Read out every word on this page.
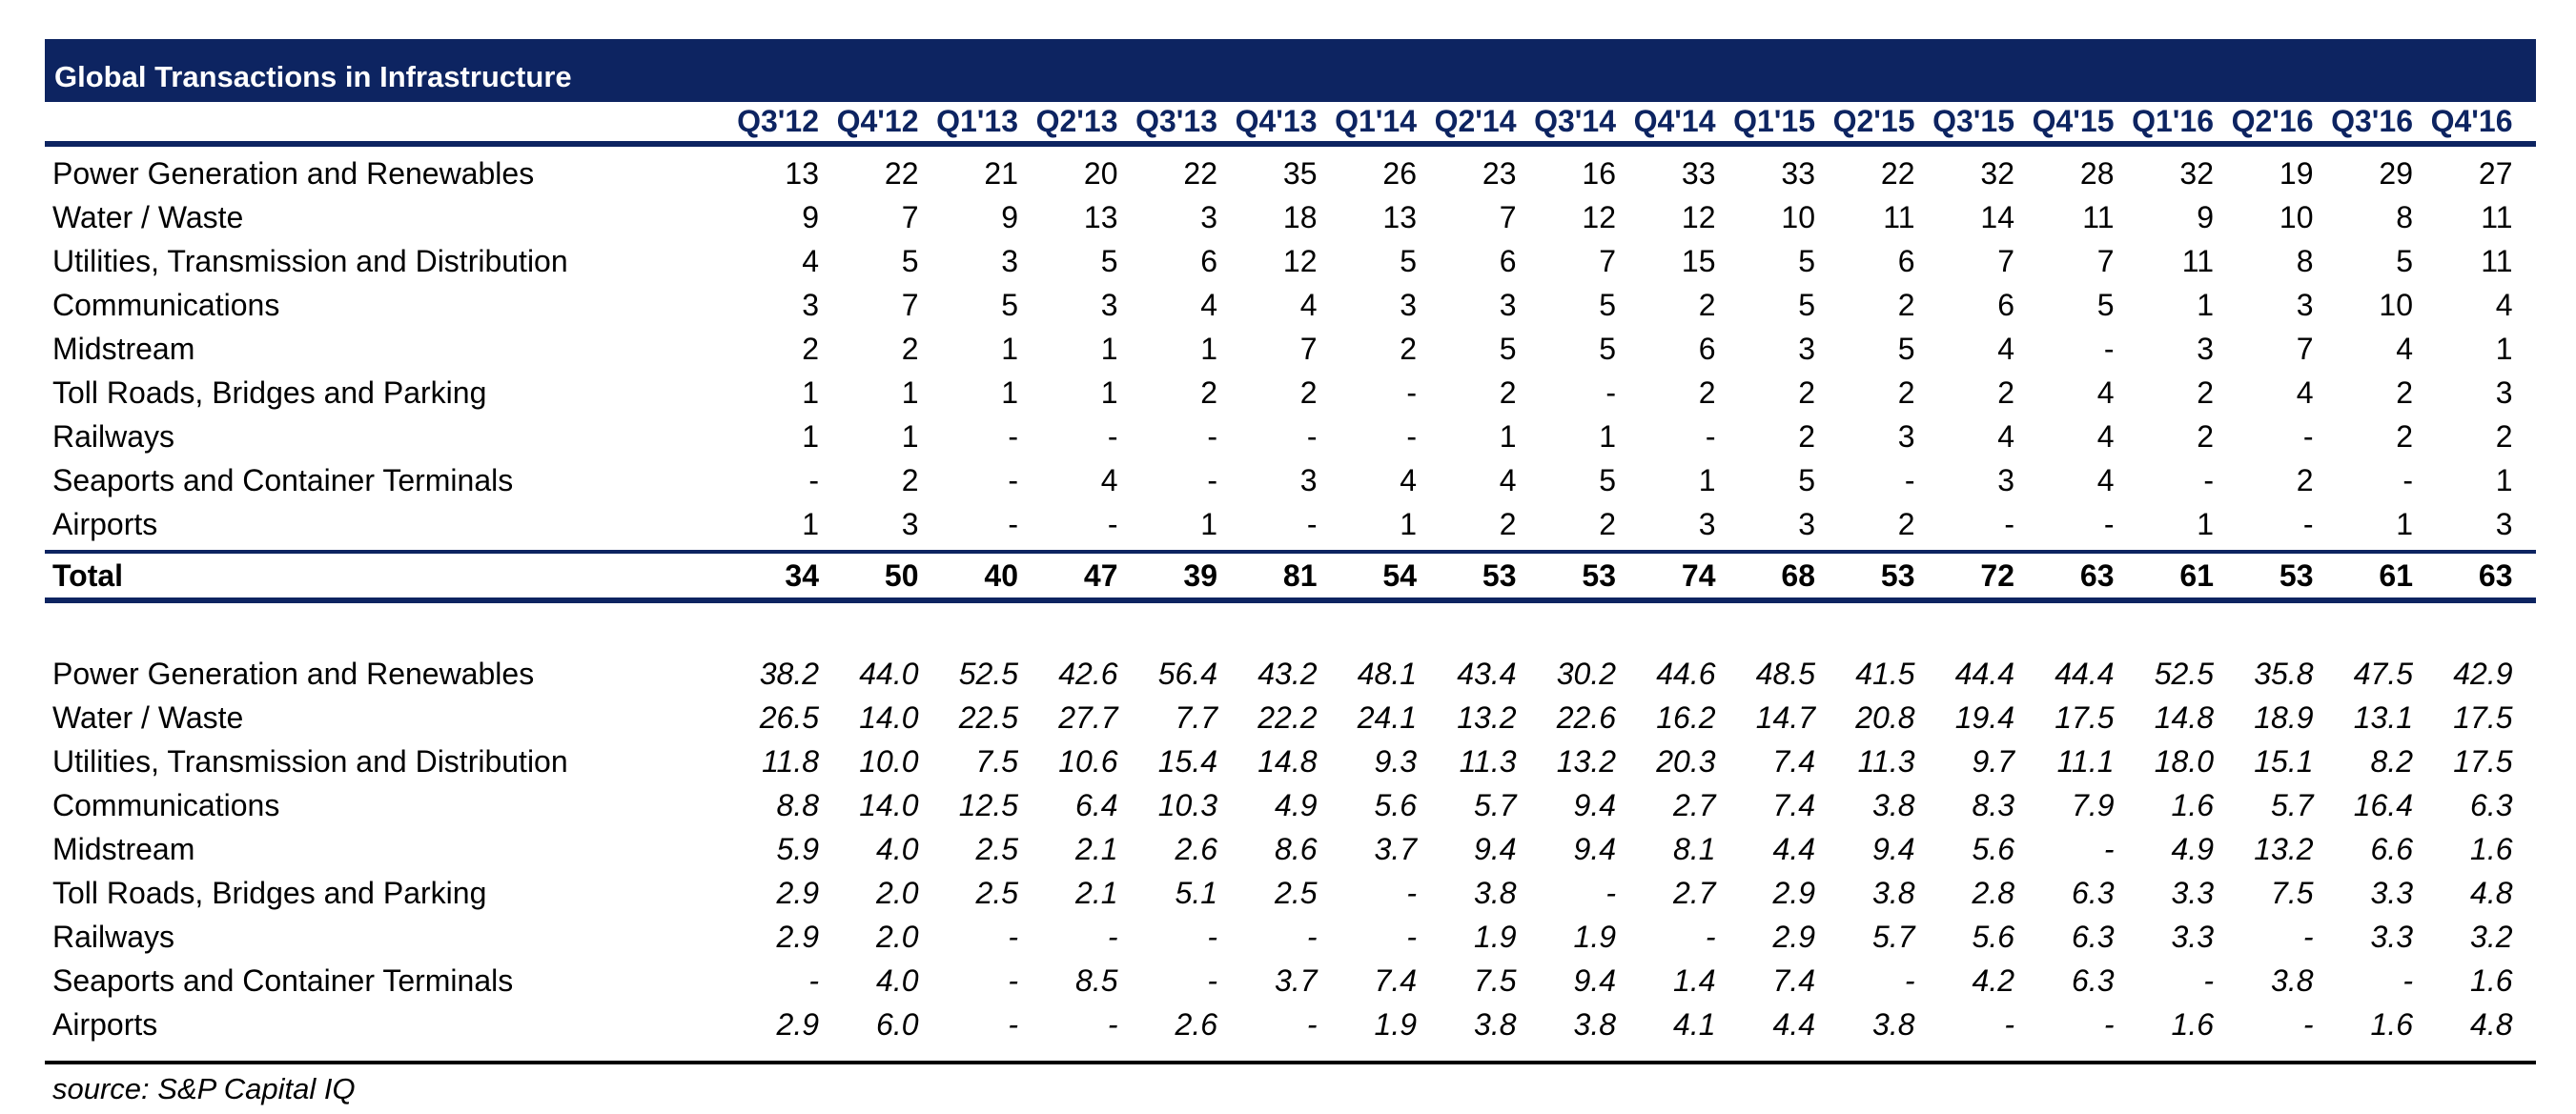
Global Transactions in Infrastructure
Q3'12 Q4'12 Q1'13 Q2'13 Q3'13 Q4'13 Q1'14 Q2'14 Q3'14 Q4'14 Q1'15 Q2'15 Q3'15 Q4'15 Q1'16 Q2'16 Q3'16 Q4'16
Power Generation and Renewables	13	22	21	20	22	35	26	23	16	33	33	22	32	28	32	19	29	27
Water / Waste	9	7	9	13	3	18	13	7	12	12	10	11	14	11	9	10	8	11
Utilities, Transmission and Distribution	4	5	3	5	6	12	5	6	7	15	5	6	7	7	11	8	5	11
Communications	3	7	5	3	4	4	3	3	5	2	5	2	6	5	1	3	10	4
Midstream	2	2	1	1	1	7	2	5	5	6	3	5	4	-	3	7	4	1
Toll Roads, Bridges and Parking	1	1	1	1	2	2	-	2	-	2	2	2	2	4	2	4	2	3
Railways	1	1	-	-	-	-	-	1	1	-	2	3	4	4	2	-	2	2
Seaports and Container Terminals	-	2	-	4	-	3	4	4	5	1	5	-	3	4	-	2	-	1
Airports	1	3	-	-	1	-	1	2	2	3	3	2	-	-	1	-	1	3
Total	34	50	40	47	39	81	54	53	53	74	68	53	72	63	61	53	61	63
Power Generation and Renewables	38.2	44.0	52.5	42.6	56.4	43.2	48.1	43.4	30.2	44.6	48.5	41.5	44.4	44.4	52.5	35.8	47.5	42.9
Water / Waste	26.5	14.0	22.5	27.7	7.7	22.2	24.1	13.2	22.6	16.2	14.7	20.8	19.4	17.5	14.8	18.9	13.1	17.5
Utilities, Transmission and Distribution	11.8	10.0	7.5	10.6	15.4	14.8	9.3	11.3	13.2	20.3	7.4	11.3	9.7	11.1	18.0	15.1	8.2	17.5
Communications	8.8	14.0	12.5	6.4	10.3	4.9	5.6	5.7	9.4	2.7	7.4	3.8	8.3	7.9	1.6	5.7	16.4	6.3
Midstream	5.9	4.0	2.5	2.1	2.6	8.6	3.7	9.4	9.4	8.1	4.4	9.4	5.6	-	4.9	13.2	6.6	1.6
Toll Roads, Bridges and Parking	2.9	2.0	2.5	2.1	5.1	2.5	-	3.8	-	2.7	2.9	3.8	2.8	6.3	3.3	7.5	3.3	4.8
Railways	2.9	2.0	-	-	-	-	-	1.9	1.9	-	2.9	5.7	5.6	6.3	3.3	-	3.3	3.2
Seaports and Container Terminals	-	4.0	-	8.5	-	3.7	7.4	7.5	9.4	1.4	7.4	-	4.2	6.3	-	3.8	-	1.6
Airports	2.9	6.0	-	-	2.6	-	1.9	3.8	3.8	4.1	4.4	3.8	-	-	1.6	-	1.6	4.8
source: S&P Capital IQ
